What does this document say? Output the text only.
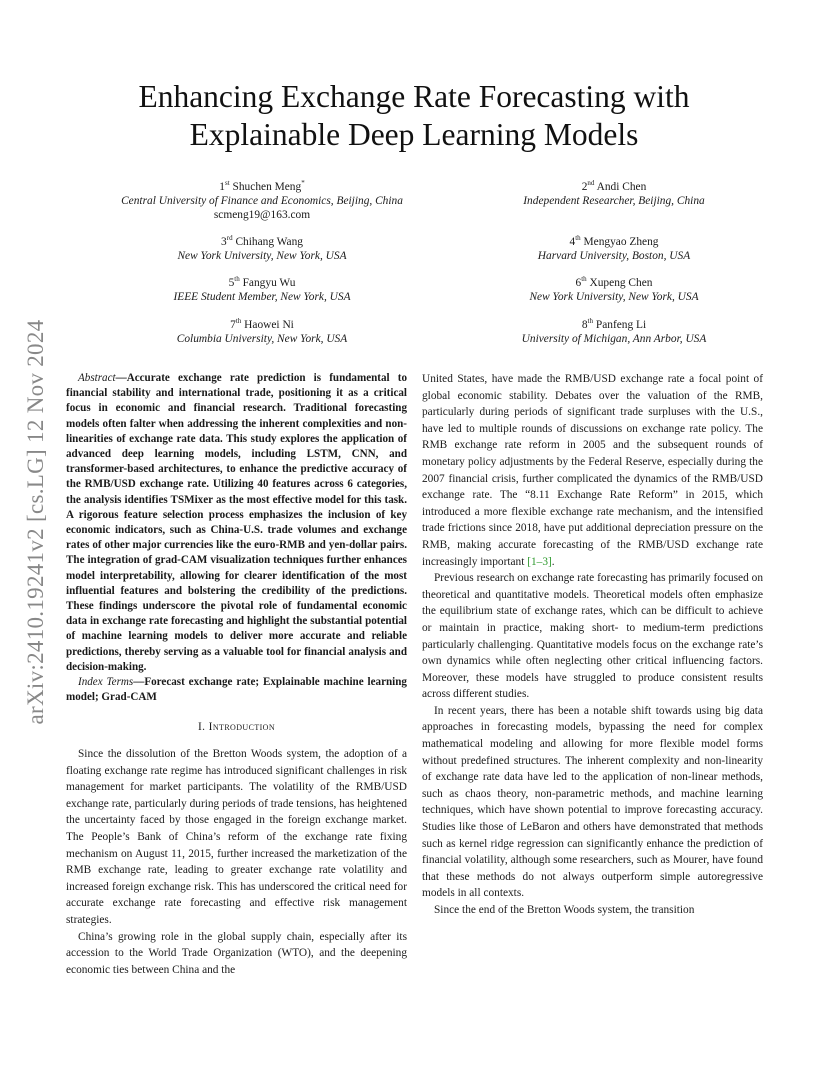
arXiv:2410.19241v2 [cs.LG] 12 Nov 2024
Enhancing Exchange Rate Forecasting with
Explainable Deep Learning Models
1st Shuchen Meng*
Central University of Finance and Economics, Beijing, China
scmeng19@163.com
2nd Andi Chen
Independent Researcher, Beijing, China
3rd Chihang Wang
New York University, New York, USA
4th Mengyao Zheng
Harvard University, Boston, USA
5th Fangyu Wu
IEEE Student Member, New York, USA
6th Xupeng Chen
New York University, New York, USA
7th Haowei Ni
Columbia University, New York, USA
8th Panfeng Li
University of Michigan, Ann Arbor, USA

Abstract—Accurate exchange rate prediction is fundamental to financial stability and international trade, positioning it as a critical focus in economic and financial research. Traditional forecasting models often falter when addressing the inherent complexities and non-linearities of exchange rate data. This study explores the application of advanced deep learning models, including LSTM, CNN, and transformer-based architectures, to enhance the predictive accuracy of the RMB/USD exchange rate. Utilizing 40 features across 6 categories, the analysis identifies TSMixer as the most effective model for this task. A rigorous feature selection process emphasizes the inclusion of key economic indicators, such as China-U.S. trade volumes and exchange rates of other major currencies like the euro-RMB and yen-dollar pairs. The integration of grad-CAM visualization techniques further enhances model interpretability, allowing for clearer identification of the most influential features and bolstering the credibility of the predictions. These findings underscore the pivotal role of fundamental economic data in exchange rate forecasting and highlight the substantial potential of machine learning models to deliver more accurate and reliable predictions, thereby serving as a valuable tool for financial analysis and decision-making.

Index Terms—Forecast exchange rate; Explainable machine learning model; Grad-CAM

I. Introduction

Since the dissolution of the Bretton Woods system, the adoption of a floating exchange rate regime has introduced significant challenges in risk management for market participants. The volatility of the RMB/USD exchange rate, particularly during periods of trade tensions, has heightened the uncertainty faced by those engaged in the foreign exchange market. The People’s Bank of China’s reform of the exchange rate fixing mechanism on August 11, 2015, further increased the marketization of the RMB exchange rate, leading to greater exchange rate volatility and increased foreign exchange risk. This has underscored the critical need for accurate exchange rate forecasting and effective risk management strategies.

China’s growing role in the global supply chain, especially after its accession to the World Trade Organization (WTO), and the deepening economic ties between China and the

United States, have made the RMB/USD exchange rate a focal point of global economic stability. Debates over the valuation of the RMB, particularly during periods of significant trade surpluses with the U.S., have led to multiple rounds of discussions on exchange rate policy. The RMB exchange rate reform in 2005 and the subsequent rounds of monetary policy adjustments by the Federal Reserve, especially during the 2007 financial crisis, further complicated the dynamics of the RMB/USD exchange rate. The “8.11 Exchange Rate Reform” in 2015, which introduced a more flexible exchange rate mechanism, and the intensified trade frictions since 2018, have put additional depreciation pressure on the RMB, making accurate forecasting of the RMB/USD exchange rate increasingly important [1–3].

Previous research on exchange rate forecasting has primarily focused on theoretical and quantitative models. Theoretical models often emphasize the equilibrium state of exchange rates, which can be difficult to achieve or maintain in practice, making short- to medium-term predictions particularly challenging. Quantitative models focus on the exchange rate’s own dynamics while often neglecting other critical influencing factors. Moreover, these models have struggled to produce consistent results across different studies.

In recent years, there has been a notable shift towards using big data approaches in forecasting models, bypassing the need for complex mathematical modeling and allowing for more flexible model forms without predefined structures. The inherent complexity and non-linearity of exchange rate data have led to the application of non-linear methods, such as chaos theory, non-parametric methods, and machine learning techniques, which have shown potential to improve forecasting accuracy. Studies like those of LeBaron and others have demonstrated that methods such as kernel ridge regression can significantly enhance the prediction of financial volatility, although some researchers, such as Mourer, have found that these methods do not always outperform simple autoregressive models in all contexts.

Since the end of the Bretton Woods system, the transition
